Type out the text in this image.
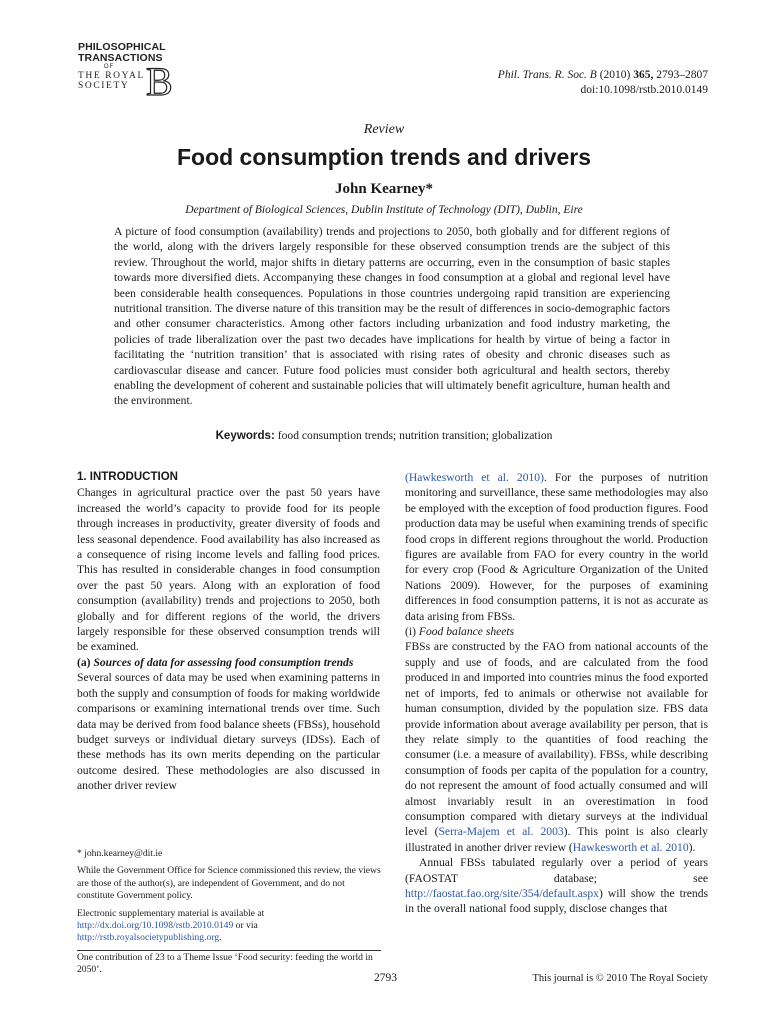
PHILOSOPHICAL
TRANSACTIONS
OF
THE ROYAL
SOCIETY B	Phil. Trans. R. Soc. B (2010) 365, 2793–2807
doi:10.1098/rstb.2010.0149
Review
Food consumption trends and drivers
John Kearney*
Department of Biological Sciences, Dublin Institute of Technology (DIT), Dublin, Eire
A picture of food consumption (availability) trends and projections to 2050, both globally and for different regions of the world, along with the drivers largely responsible for these observed consumption trends are the subject of this review. Throughout the world, major shifts in dietary patterns are occurring, even in the consumption of basic staples towards more diversified diets. Accompanying these changes in food consumption at a global and regional level have been considerable health consequences. Populations in those countries undergoing rapid transition are experiencing nutritional transition. The diverse nature of this transition may be the result of differences in socio-demographic factors and other consumer characteristics. Among other factors including urbanization and food industry marketing, the policies of trade liberalization over the past two decades have implications for health by virtue of being a factor in facilitating the ‘nutrition transition’ that is associated with rising rates of obesity and chronic diseases such as cardiovascular disease and cancer. Future food policies must consider both agricultural and health sectors, thereby enabling the development of coherent and sustainable policies that will ultimately benefit agriculture, human health and the environment.
Keywords: food consumption trends; nutrition transition; globalization

1. INTRODUCTION

Changes in agricultural practice over the past 50 years have increased the world’s capacity to provide food for its people through increases in productivity, greater diversity of foods and less seasonal dependence. Food availability has also increased as a consequence of rising income levels and falling food prices. This has resulted in considerable changes in food consumption over the past 50 years. Along with an exploration of food consumption (availability) trends and projections to 2050, both globally and for different regions of the world, the drivers largely responsible for these observed consumption trends will be examined.

(a) Sources of data for assessing food consumption trends

Several sources of data may be used when examining patterns in both the supply and consumption of foods for making worldwide comparisons or examining international trends over time. Such data may be derived from food balance sheets (FBSs), household budget surveys or individual dietary surveys (IDSs). Each of these methods has its own merits depending on the particular outcome desired. These methodologies are also discussed in another driver review

(Hawkesworth et al. 2010). For the purposes of nutrition monitoring and surveillance, these same methodologies may also be employed with the exception of food production figures. Food production data may be useful when examining trends of specific food crops in different regions throughout the world. Production figures are available from FAO for every country in the world for every crop (Food & Agriculture Organization of the United Nations 2009). However, for the purposes of examining differences in food consumption patterns, it is not as accurate as data arising from FBSs.

(i) Food balance sheets

FBSs are constructed by the FAO from national accounts of the supply and use of foods, and are calculated from the food produced in and imported into countries minus the food exported net of imports, fed to animals or otherwise not available for human consumption, divided by the population size. FBS data provide information about average availability per person, that is they relate simply to the quantities of food reaching the consumer (i.e. a measure of availability). FBSs, while describing consumption of foods per capita of the population for a country, do not represent the amount of food actually consumed and will almost invariably result in an overestimation in food consumption compared with dietary surveys at the individual level (Serra-Majem et al. 2003). This point is also clearly illustrated in another driver review (Hawkesworth et al. 2010).

Annual FBSs tabulated regularly over a period of years (FAOSTAT database; see http://faostat.fao.org/site/354/default.aspx) will show the trends in the overall national food supply, disclose changes that

* john.kearney@dit.ie

While the Government Office for Science commissioned this review, the views are those of the author(s), are independent of Government, and do not constitute Government policy.

Electronic supplementary material is available at http://dx.doi.org/10.1098/rstb.2010.0149 or via http://rstb.royalsocietypublishing.org.

One contribution of 23 to a Theme Issue ‘Food security: feeding the world in 2050’.

2793	This journal is © 2010 The Royal Society
